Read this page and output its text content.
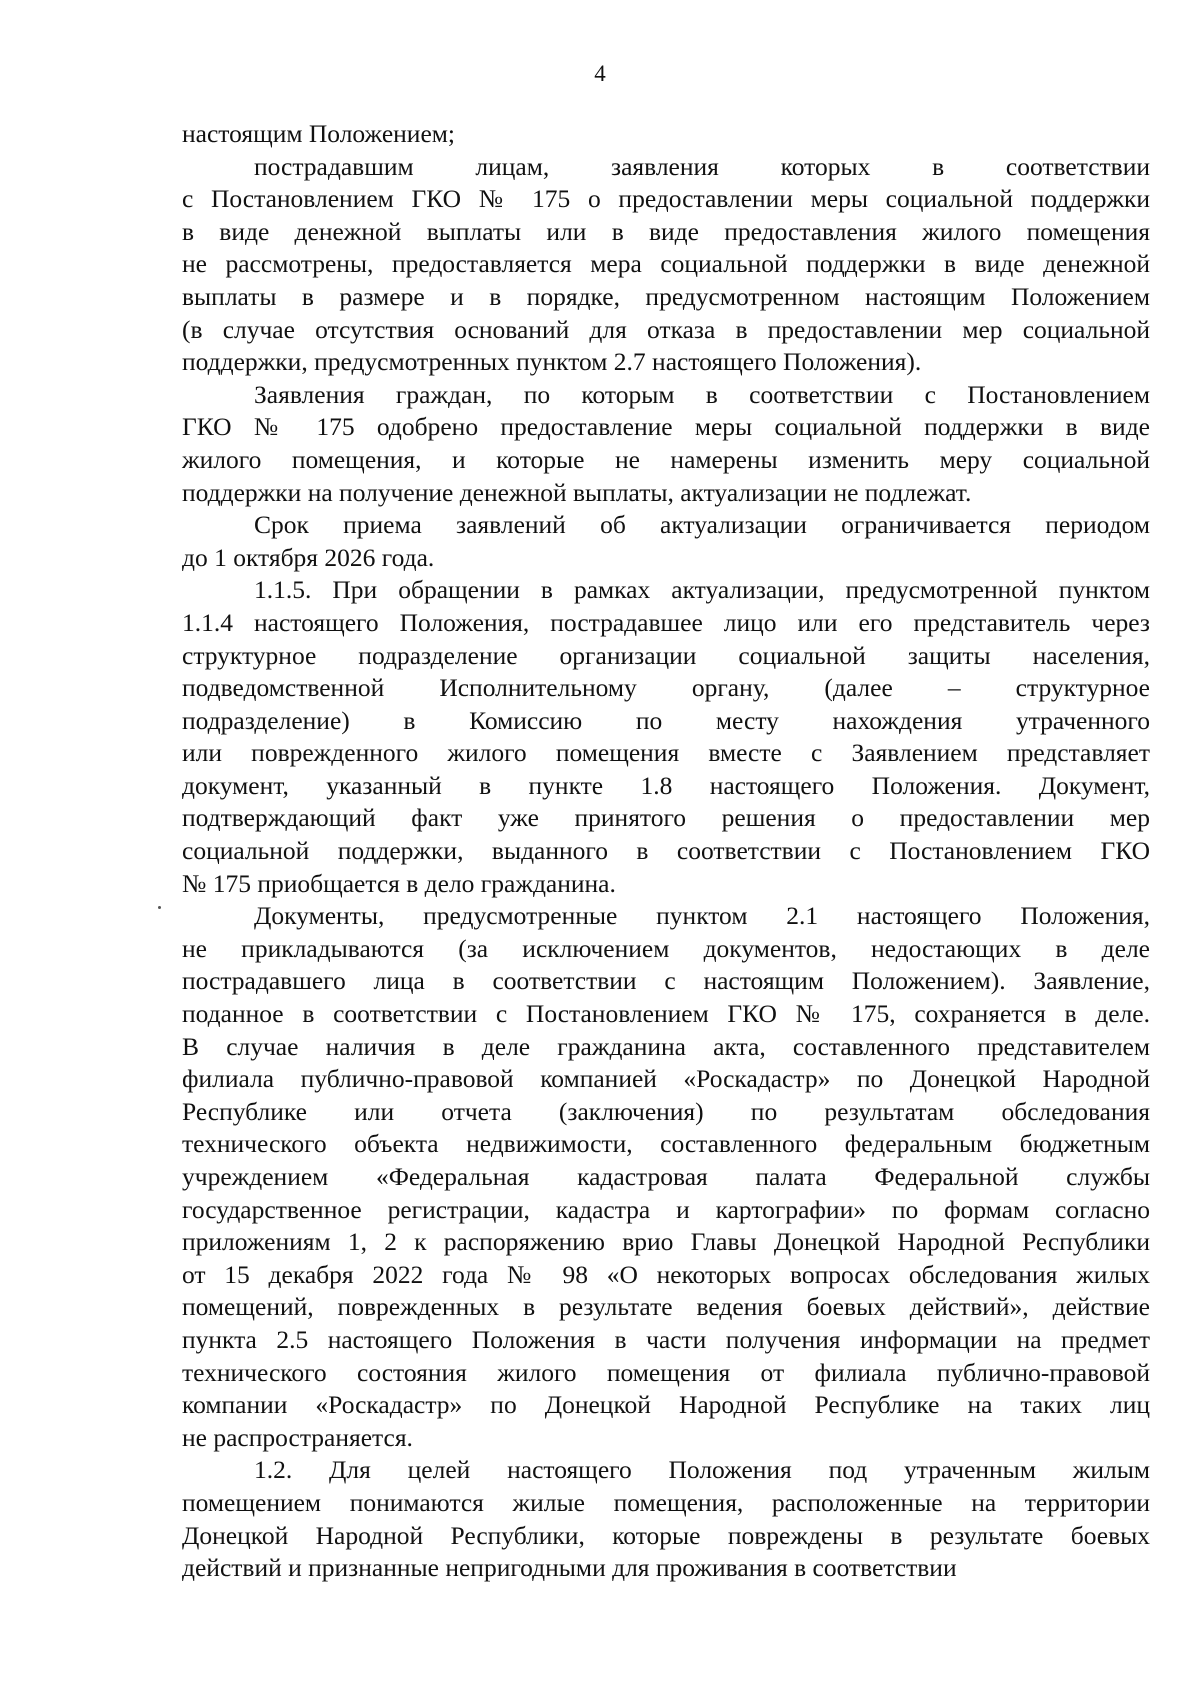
4

настоящим Положением;

пострадавшим лицам, заявления которых в соответствии

с Постановлением ГКО № 175 о предоставлении меры социальной поддержки

в виде денежной выплаты или в виде предоставления жилого помещения

не рассмотрены, предоставляется мера социальной поддержки в виде денежной

выплаты в размере и в порядке, предусмотренном настоящим Положением

(в случае отсутствия оснований для отказа в предоставлении мер социальной

поддержки, предусмотренных пунктом 2.7 настоящего Положения).

Заявления граждан, по которым в соответствии с Постановлением

ГКО № 175 одобрено предоставление меры социальной поддержки в виде

жилого помещения, и которые не намерены изменить меру социальной

поддержки на получение денежной выплаты, актуализации не подлежат.

Срок приема заявлений об актуализации ограничивается периодом

до 1 октября 2026 года.

1.1.5. При обращении в рамках актуализации, предусмотренной пунктом

1.1.4 настоящего Положения, пострадавшее лицо или его представитель через

структурное подразделение организации социальной защиты населения,

подведомственной Исполнительному органу, (далее – структурное

подразделение) в Комиссию по месту нахождения утраченного

или поврежденного жилого помещения вместе с Заявлением представляет

документ, указанный в пункте 1.8 настоящего Положения. Документ,

подтверждающий факт уже принятого решения о предоставлении мер

социальной поддержки, выданного в соответствии с Постановлением ГКО

№ 175 приобщается в дело гражданина.

Документы, предусмотренные пунктом 2.1 настоящего Положения,

не прикладываются (за исключением документов, недостающих в деле

пострадавшего лица в соответствии с настоящим Положением). Заявление,

поданное в соответствии с Постановлением ГКО № 175, сохраняется в деле.

В случае наличия в деле гражданина акта, составленного представителем

филиала публично-правовой компанией «Роскадастр» по Донецкой Народной

Республике или отчета (заключения) по результатам обследования

технического объекта недвижимости, составленного федеральным бюджетным

учреждением «Федеральная кадастровая палата Федеральной службы

государственное регистрации, кадастра и картографии» по формам согласно

приложениям 1, 2 к распоряжению врио Главы Донецкой Народной Республики

от 15 декабря 2022 года № 98 «О некоторых вопросах обследования жилых

помещений, поврежденных в результате ведения боевых действий», действие

пункта 2.5 настоящего Положения в части получения информации на предмет

технического состояния жилого помещения от филиала публично-правовой

компании «Роскадастр» по Донецкой Народной Республике на таких лиц

не распространяется.

1.2. Для целей настоящего Положения под утраченным жилым

помещением понимаются жилые помещения, расположенные на территории

Донецкой Народной Республики, которые повреждены в результате боевых

действий и признанные непригодными для проживания в соответствии
